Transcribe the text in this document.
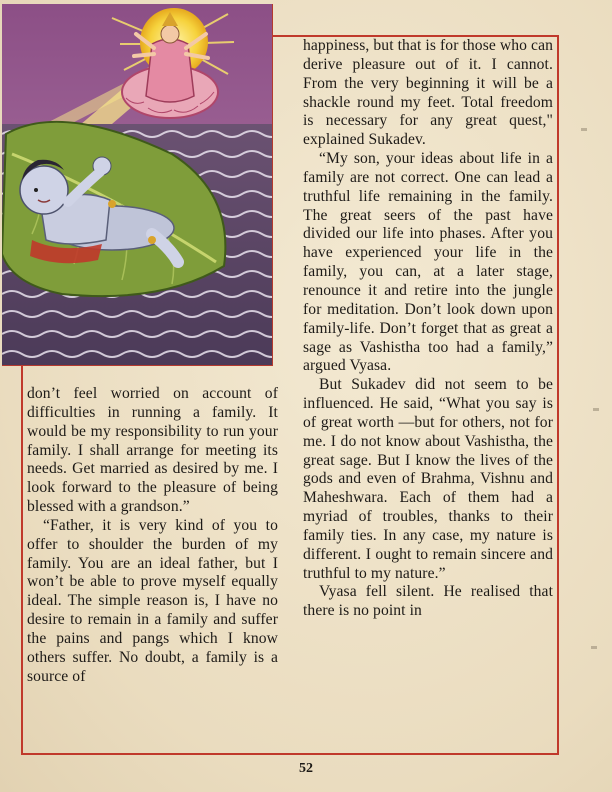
happiness, but that is for those who can derive pleasure out of it. I cannot. From the very beginning it will be a shackle round my feet. Total freedom is necessary for any great quest," explained Sukadev.

“My son, your ideas about life in a family are not correct. One can lead a truthful life remaining in the family. The great seers of the past have divided our life into phases. After you have experienced your life in the family, you can, at a later stage, renounce it and retire into the jungle for meditation. Don’t look down upon family-life. Don’t forget that as great a sage as Vashistha too had a family,” argued Vyasa.

But Sukadev did not seem to be influenced. He said, “What you say is of great worth —but for others, not for me. I do not know about Vashistha, the great sage. But I know the lives of the gods and even of Brahma, Vishnu and Maheshwara. Each of them had a myriad of troubles, thanks to their family ties. In any case, my nature is different. I ought to remain sincere and truthful to my nature.”

Vyasa fell silent. He realised that there is no point in

don’t feel worried on account of difficulties in running a family. It would be my responsibility to run your family. I shall arrange for meeting its needs. Get married as desired by me. I look forward to the pleasure of being blessed with a grandson.”

“Father, it is very kind of you to offer to shoulder the burden of my family. You are an ideal father, but I won’t be able to prove myself equally ideal. The simple reason is, I have no desire to remain in a family and suffer the pains and pangs which I know others suffer. No doubt, a family is a source of

52
